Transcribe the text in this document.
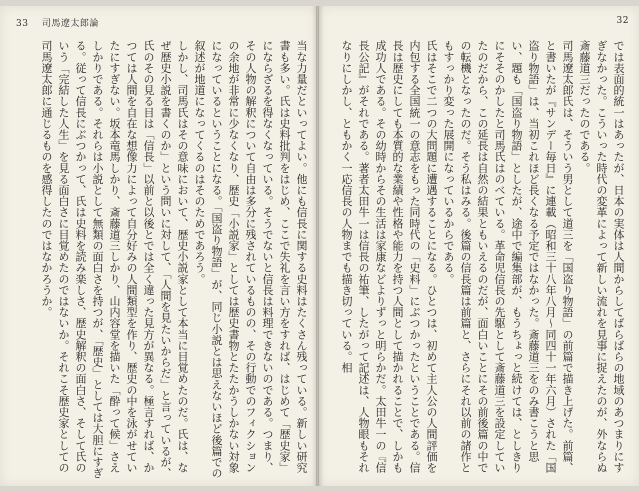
33 司馬遼太郎論
当な力量だといってよい。他にも信長に関する史料はたくさん残っている。新しい研究書も多い。氏は史料批判をはじめ、ここで失礼を言い方をすれば、はじめて「歴史家」にならざるを得なくなっている。そうでないと信長は料理できないのである。つまり、その人物の解釈について自由は多分に残されているものの、その行動でのフィクションの余地が非常に少なくなり、歴史「小説家」としては歴史書物とたたかうしかない対象になっているということになる。「国盗り物語」が、同じ小説とは思えないほど後篇での叙述が地道になってくるのはそのためであろう。
しかし、司馬氏はその意味において、歴史小説家として本当に目覚めたのだ。氏は、なぜ歴史小説を書くのか」という問いに対して、「人間を見たいからだ」と言っているが、氏のその見る目は「信長」以前と以後とでは全く違った見方が異なる。極言すれば、かつては人間を自在な想像力によって自分好みの人間類型を作り、歴史の中を泳がせていたにすぎない。坂本竜馬しかり、斎藤道三しかり、山内容堂を描いた「酔って候」さえしかりである。それらは小説として無類の面白さを持つが、「歴史」としては大胆にすぎる。従って信長にぶつかって、氏は史料を読み楽しさ、歴史解釈の面白さ、そして氏のいう「完結した人生」を見る面白さに目覚めたのではないか。それこそ歴史家としての司馬遼太郎に通じるものを感得したのではなかろうか。
32
では表面的統一はあったが、日本の実体は人間からしてばらばらの地域のあつまりにすぎなかった。こういった時代の変革によって新しい流れを見事に捉えたのが、外ならぬ斎藤道三だったのである。
司馬遼太郎氏は、そういう男として道三を「国盗り物語」の前篇で描き上げた。前篇、と書いたが『サンデー毎日』に連載（昭和三十八年八月～同四十一年六月）された「国盗り物語」は、当初これほど長くなる予定ではなかった。斎藤道三をのみ書こうと思い、題も「国盗り物語」としたが、途中で編集部が、もうちょっと続けては、としきりにそそのかしたと司馬氏はのべている。革命児信長の先駆として斎藤道三を設定していたのだから、この延長は自然の結果ともいえるのだが、面白いことにその前後篇の中での転機となったのだ。そう私はみる。後篇の信長篇は前篇と、さらにそれ以前の諸作ともすっかり変った展開になっているからである。
氏はそこで二つの大問題に遭遇することになる。ひとつは、初めて主人公の人間評価を内包する全国統一の意志をもった同時代の「史料」にぶつかったということである。信長は歴史にしても本質的な業績や性格や能力を持つ人間として描かれることで、しかも成功人である。その幼時からその生活は家康などよりずっと明らかだ。太田牛一の『信長公記』がそれである。著者太田牛一は信長の祐筆、したがって記述は、人物眼もそれなりにしかし、ともかく一応信長の人物までも描き切っている。相
